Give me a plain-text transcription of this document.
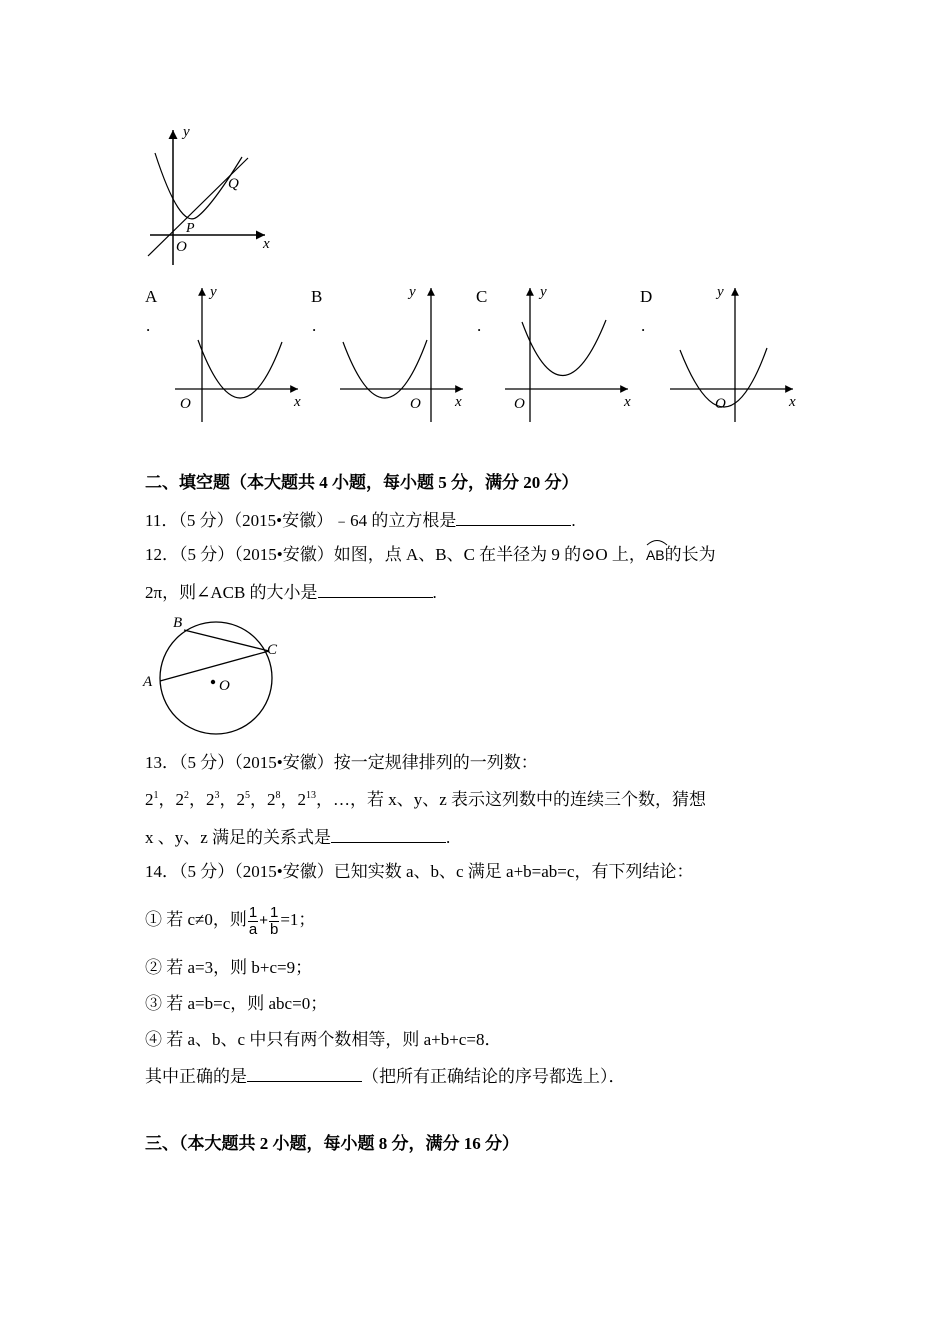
y
x
O
P
Q
A
.
y
x
O
B
.
y
x
O
C
.
y
x
O
D
.
y
x
O
二、填空题（本大题共 4 小题，每小题 5 分，满分 20 分）
11．（5 分）（2015•安徽）﹣64 的立方根是	.
12．（5 分）（2015•安徽）如图，点 A、B、C 在半径为 9 的⊙O 上，
AB的长为
2π，则∠ACB 的大小是	.
B
C
A	O
13．（5 分）（2015•安徽）按一定规律排列的一列数：
$2^1$，$2^2$，$2^3$，$2^5$，$2^8$，$2^{13}$，…，若 x、y、z 表示这列数中的连续三个数，猜想
x 、y、z 满足的关系式是	.
14．（5 分）（2015•安徽）已知实数 a、b、c 满足 a+b=ab=c，有下列结论：
① 若 c≠0，则 $\frac{1}{a} + \frac{1}{b} =1$；
② 若 a=3，则 b+c=9；
③ 若 a=b=c，则 abc=0；
④ 若 a、b、c 中只有两个数相等，则 a+b+c=8．
其中正确的是	（把所有正确结论的序号都选上）．
三、（本大题共 2 小题，每小题 8 分，满分 16 分）
